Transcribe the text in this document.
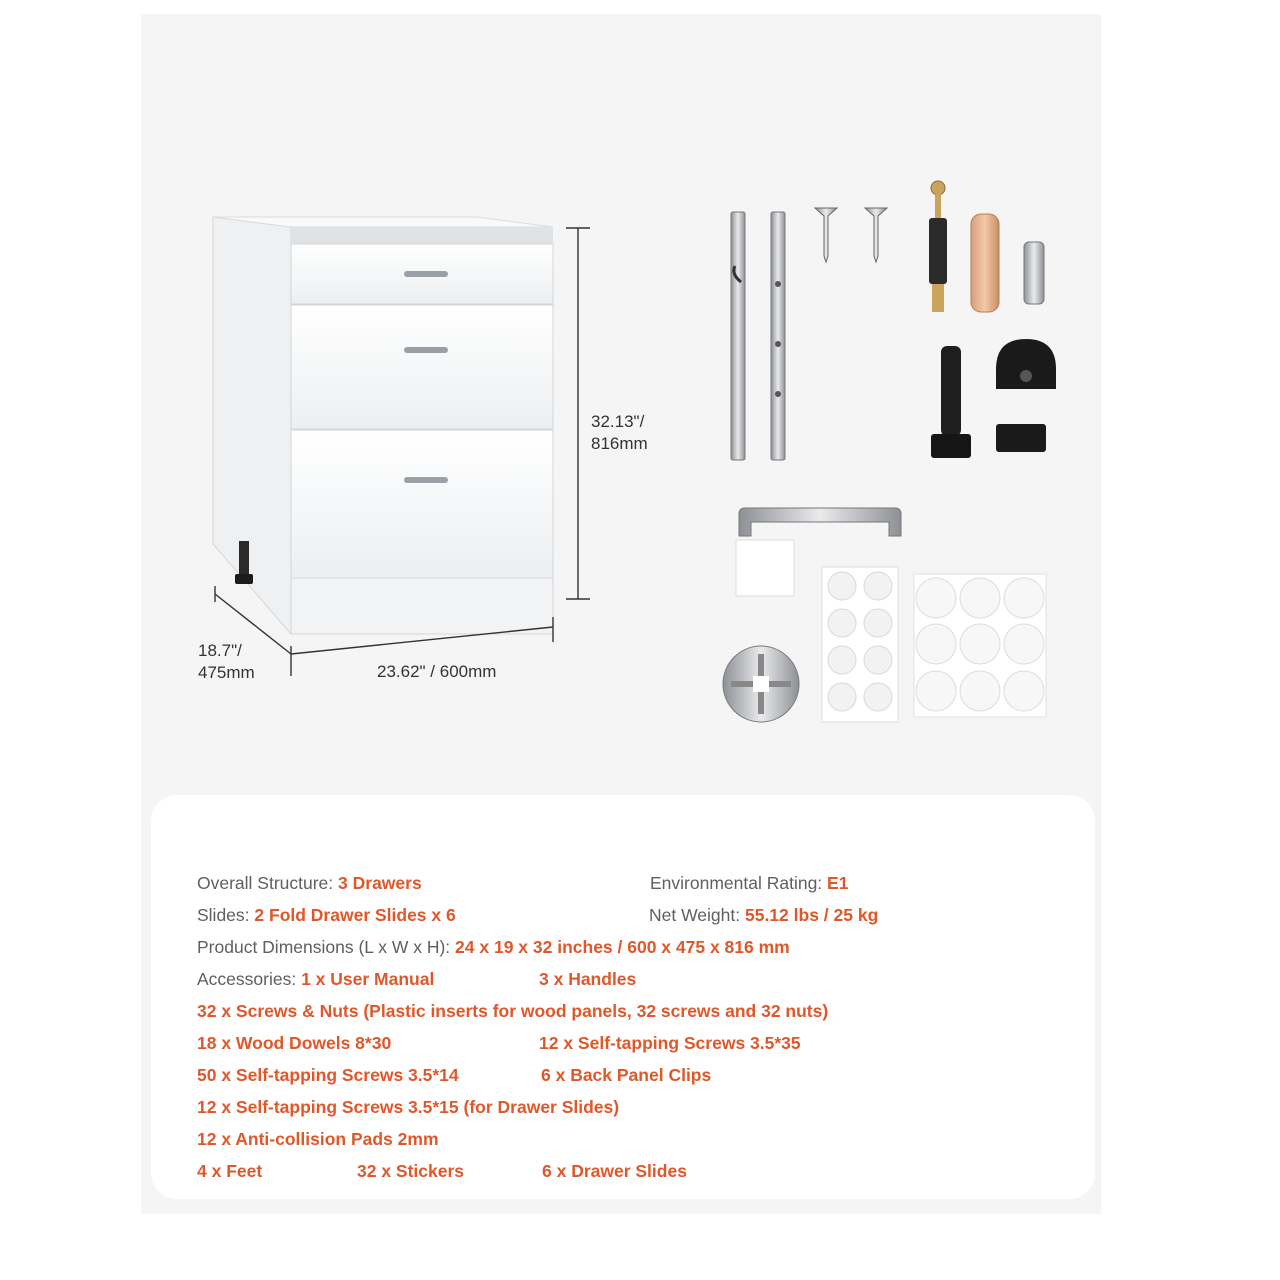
32.13"/
816mm
18.7"/
475mm	23.62" / 600mm
Overall Structure: 3 Drawers	Environmental Rating: E1
Slides: 2 Fold Drawer Slides x 6	Net Weight: 55.12 lbs / 25 kg
Product Dimensions (L x W x H): 24 x 19 x 32 inches / 600 x 475 x 816 mm
Accessories: 1 x User Manual	3 x Handles
32 x Screws & Nuts (Plastic inserts for wood panels, 32 screws and 32 nuts)
18 x Wood Dowels 8*30	12 x Self-tapping Screws 3.5*35
50 x Self-tapping Screws 3.5*14	6 x Back Panel Clips
12 x Self-tapping Screws 3.5*15 (for Drawer Slides)
12 x Anti-collision Pads 2mm
4 x Feet	32 x Stickers	6 x Drawer Slides
